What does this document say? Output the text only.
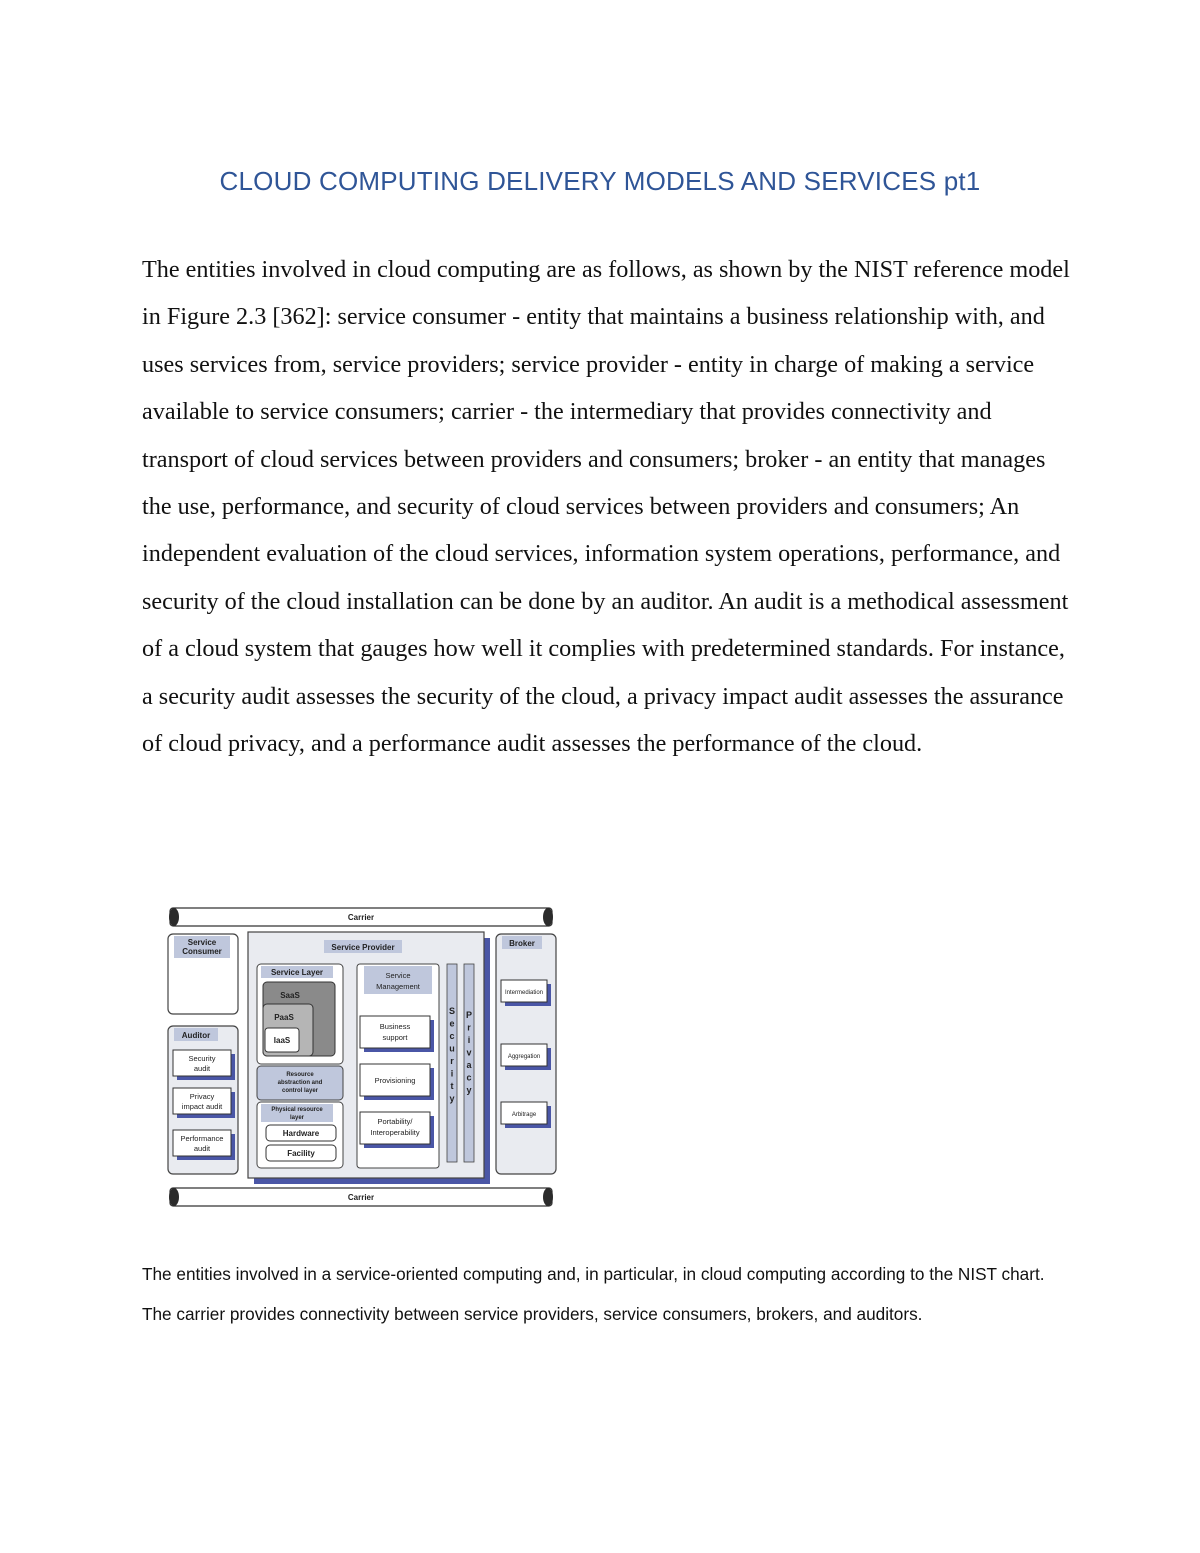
CLOUD COMPUTING DELIVERY MODELS AND SERVICES pt1

The entities involved in cloud computing are as follows, as shown by the NIST reference model in Figure 2.3 [362]: service consumer - entity that maintains a business relationship with, and uses services from, service providers; service provider - entity in charge of making a service available to service consumers; carrier - the intermediary that provides connectivity and transport of cloud services between providers and consumers; broker - an entity that manages the use, performance, and security of cloud services between providers and consumers; An independent evaluation of the cloud services, information system operations, performance, and security of the cloud installation can be done by an auditor. An audit is a methodical assessment of a cloud system that gauges how well it complies with predetermined standards. For instance, a security audit assesses the security of the cloud, a privacy impact audit assesses the assurance of cloud privacy, and a performance audit assesses the performance of the cloud.

Carrier
Service
Consumer
Auditor
Security
audit
Privacy
impact audit
Performance
audit
Service Provider
Service Layer
SaaS
PaaS
IaaS
Resource
abstraction and
control layer
Physical resource
layer
Hardware
Facility
Service
Management
Business
support
Provisioning
Portability/
Interoperability
S e c u r i t y
P r i v a c y
Broker
Intermediation
Aggregation
Arbitrage
Carrier

The entities involved in a service-oriented computing and, in particular, in cloud computing according to the NIST chart. The carrier provides connectivity between service providers, service consumers, brokers, and auditors.
